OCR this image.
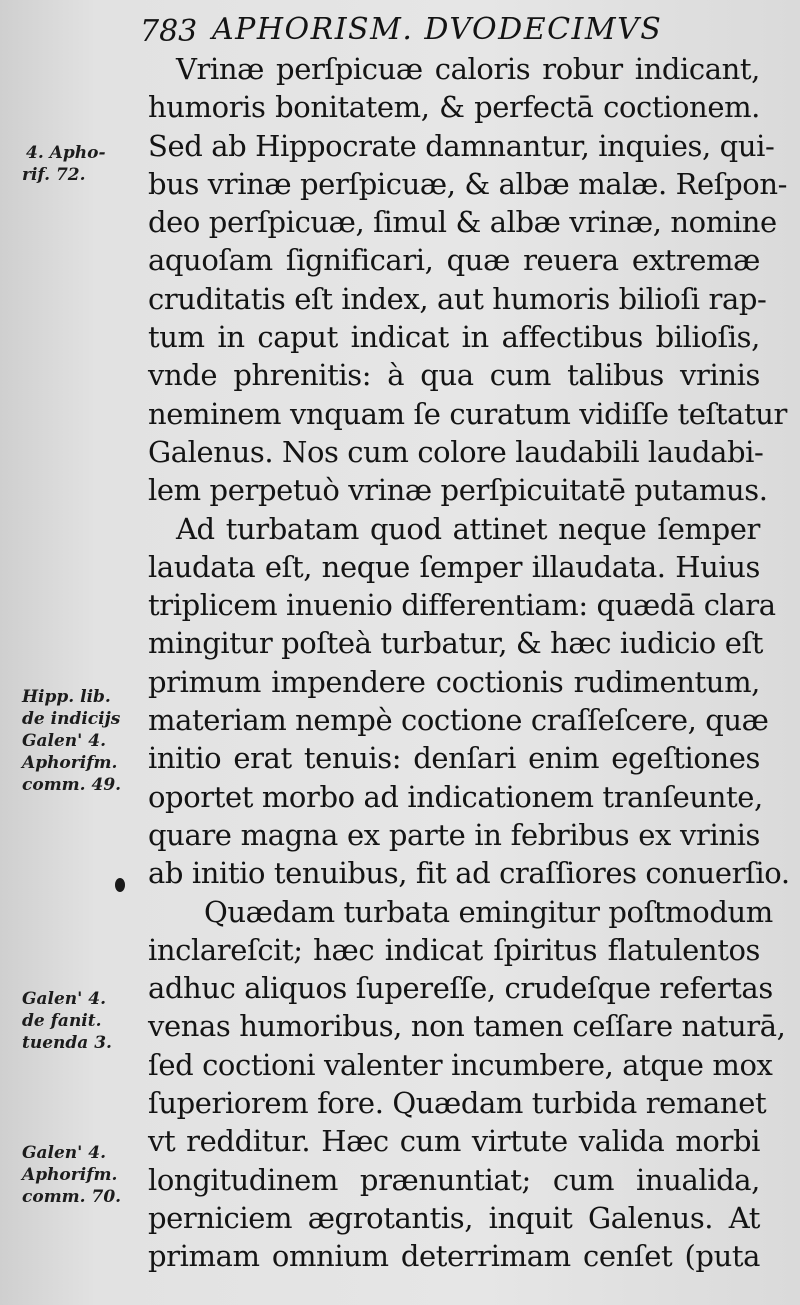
783 APHORISM. DVODECIMVS
4. Apho-
rif. 72.
Hipp. lib.
de indicijs
Galen' 4.
Aphorifm.
comm. 49.
Galen' 4.
de fanit.
tuenda 3.
Galen' 4.
Aphorifm.
comm. 70.
Vrinæ perſpicuæ caloris robur indicant,
humoris bonitatem, & perfectā coctionem.
Sed ab Hippocrate damnantur, inquies, qui-
bus vrinæ perſpicuæ, & albæ malæ. Reſpon-
deo perſpicuæ, ſimul & albæ vrinæ, nomine
aquoſam ſignificari, quæ reuera extremæ
cruditatis eſt index, aut humoris bilioſi rap-
tum in caput indicat in affectibus bilioſis,
vnde phrenitis: à qua cum talibus vrinis
neminem vnquam ſe curatum vidiſſe teſtatur
Galenus. Nos cum colore laudabili laudabi-
lem perpetuò vrinæ perſpicuitatē putamus.
Ad turbatam quod attinet neque ſemper
laudata eſt, neque ſemper illaudata. Huius
triplicem inuenio differentiam: quædā clara
mingitur poſteà turbatur, & hæc iudicio eſt
primum impendere coctionis rudimentum,
materiam nempè coctione craſſeſcere, quæ
initio erat tenuis: denſari enim egeſtiones
oportet morbo ad indicationem tranſeunte,
quare magna ex parte in febribus ex vrinis
ab initio tenuibus, fit ad craſſiores conuerſio.
Quædam turbata emingitur poſtmodum
inclareſcit; hæc indicat ſpiritus flatulentos
adhuc aliquos ſupereſſe, crudeſque refertas
venas humoribus, non tamen ceſſare naturā,
ſed coctioni valenter incumbere, atque mox
ſuperiorem fore. Quædam turbida remanet
vt redditur. Hæc cum virtute valida morbi
longitudinem prænuntiat; cum inualida,
perniciem ægrotantis, inquit Galenus. At
primam omnium deterrimam cenſet (puta
